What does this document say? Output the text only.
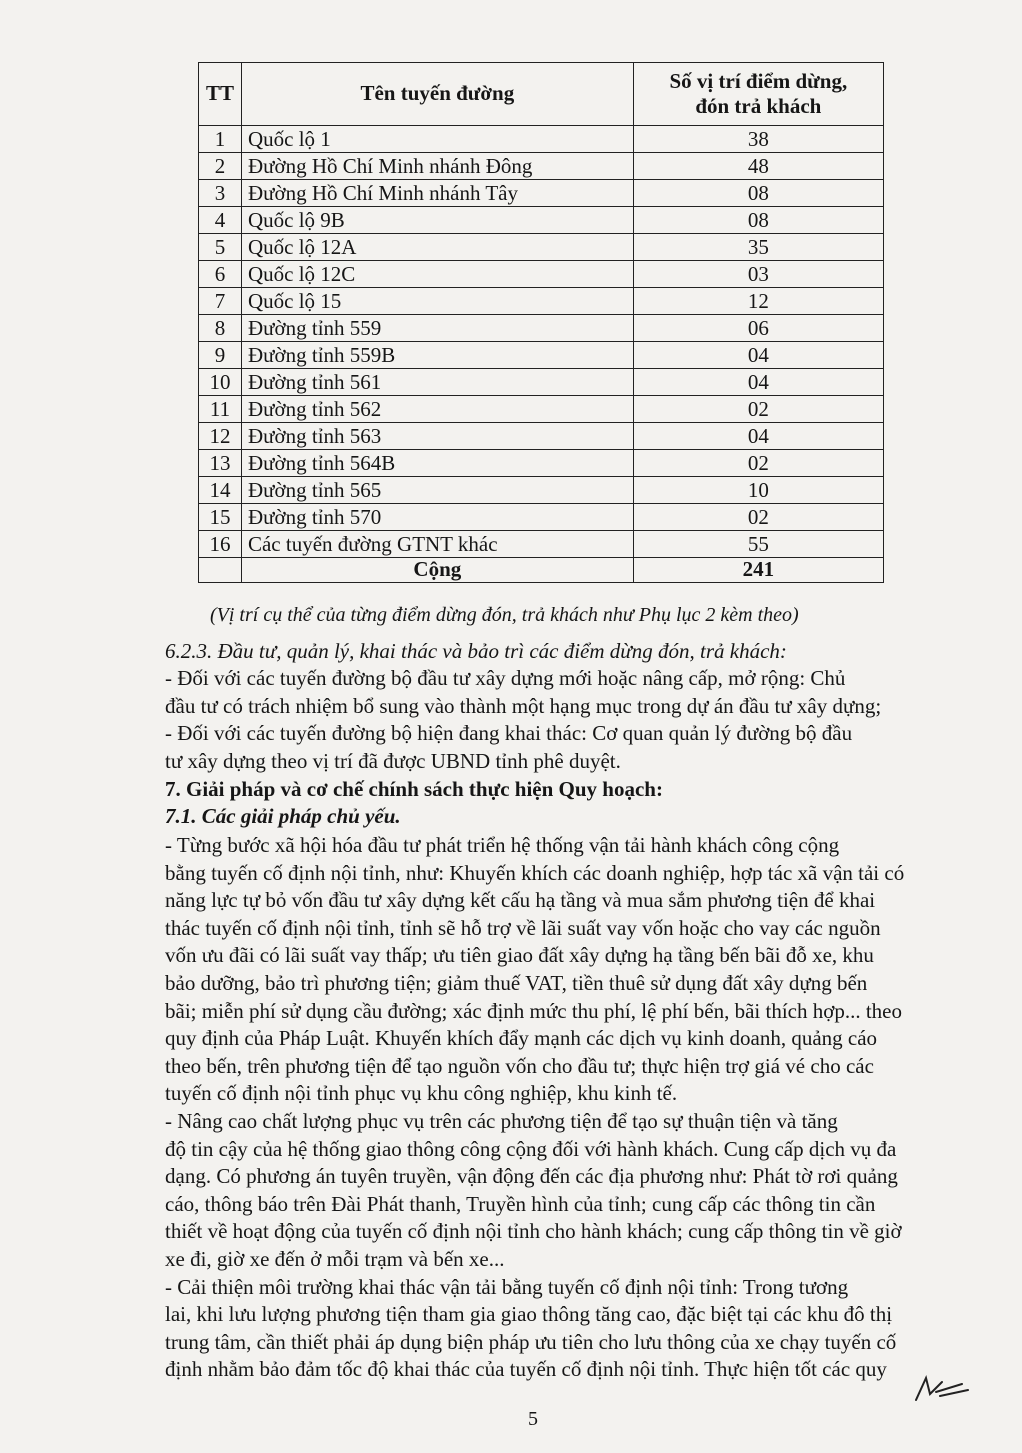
TT	Tên tuyến đường	Số vị trí điểm dừng,
đón trả khách

1	Quốc lộ 1	38
2	Đường Hồ Chí Minh nhánh Đông	48
3	Đường Hồ Chí Minh nhánh Tây	08
4	Quốc lộ 9B	08
5	Quốc lộ 12A	35
6	Quốc lộ 12C	03
7	Quốc lộ 15	12
8	Đường tỉnh 559	06
9	Đường tỉnh 559B	04
10	Đường tỉnh 561	04
11	Đường tỉnh 562	02
12	Đường tỉnh 563	04
13	Đường tỉnh 564B	02
14	Đường tỉnh 565	10
15	Đường tỉnh 570	02
16	Các tuyến đường GTNT khác	55
	Cộng	241
(Vị trí cụ thể của từng điểm dừng đón, trả khách như Phụ lục 2 kèm theo)
6.2.3. Đầu tư, quản lý, khai thác và bảo trì các điểm dừng đón, trả khách:
- Đối với các tuyến đường bộ đầu tư xây dựng mới hoặc nâng cấp, mở rộng: Chủ
đầu tư có trách nhiệm bổ sung vào thành một hạng mục trong dự án đầu tư xây dựng;
- Đối với các tuyến đường bộ hiện đang khai thác: Cơ quan quản lý đường bộ đầu
tư xây dựng theo vị trí đã được UBND tỉnh phê duyệt.
7. Giải pháp và cơ chế chính sách thực hiện Quy hoạch:
7.1. Các giải pháp chủ yếu.
- Từng bước xã hội hóa đầu tư phát triển hệ thống vận tải hành khách công cộng
bằng tuyến cố định nội tỉnh, như: Khuyến khích các doanh nghiệp, hợp tác xã vận tải có
năng lực tự bỏ vốn đầu tư xây dựng kết cấu hạ tầng và mua sắm phương tiện để khai
thác tuyến cố định nội tỉnh, tỉnh sẽ hỗ trợ về lãi suất vay vốn hoặc cho vay các nguồn
vốn ưu đãi có lãi suất vay thấp; ưu tiên giao đất xây dựng hạ tầng bến bãi đỗ xe, khu
bảo dưỡng, bảo trì phương tiện; giảm thuế VAT, tiền thuê sử dụng đất xây dựng bến
bãi; miễn phí sử dụng cầu đường; xác định mức thu phí, lệ phí bến, bãi thích hợp... theo
quy định của Pháp Luật. Khuyến khích đẩy mạnh các dịch vụ kinh doanh, quảng cáo
theo bến, trên phương tiện để tạo nguồn vốn cho đầu tư; thực hiện trợ giá vé cho các
tuyến cố định nội tỉnh phục vụ khu công nghiệp, khu kinh tế.
- Nâng cao chất lượng phục vụ trên các phương tiện để tạo sự thuận tiện và tăng
độ tin cậy của hệ thống giao thông công cộng đối với hành khách. Cung cấp dịch vụ đa
dạng. Có phương án tuyên truyền, vận động đến các địa phương như: Phát tờ rơi quảng
cáo, thông báo trên Đài Phát thanh, Truyền hình của tỉnh; cung cấp các thông tin cần
thiết về hoạt động của tuyến cố định nội tỉnh cho hành khách; cung cấp thông tin về giờ
xe đi, giờ xe đến ở mỗi trạm và bến xe...
- Cải thiện môi trường khai thác vận tải bằng tuyến cố định nội tỉnh: Trong tương
lai, khi lưu lượng phương tiện tham gia giao thông tăng cao, đặc biệt tại các khu đô thị
trung tâm, cần thiết phải áp dụng biện pháp ưu tiên cho lưu thông của xe chạy tuyến cố
định nhằm bảo đảm tốc độ khai thác của tuyến cố định nội tỉnh. Thực hiện tốt các quy
5
